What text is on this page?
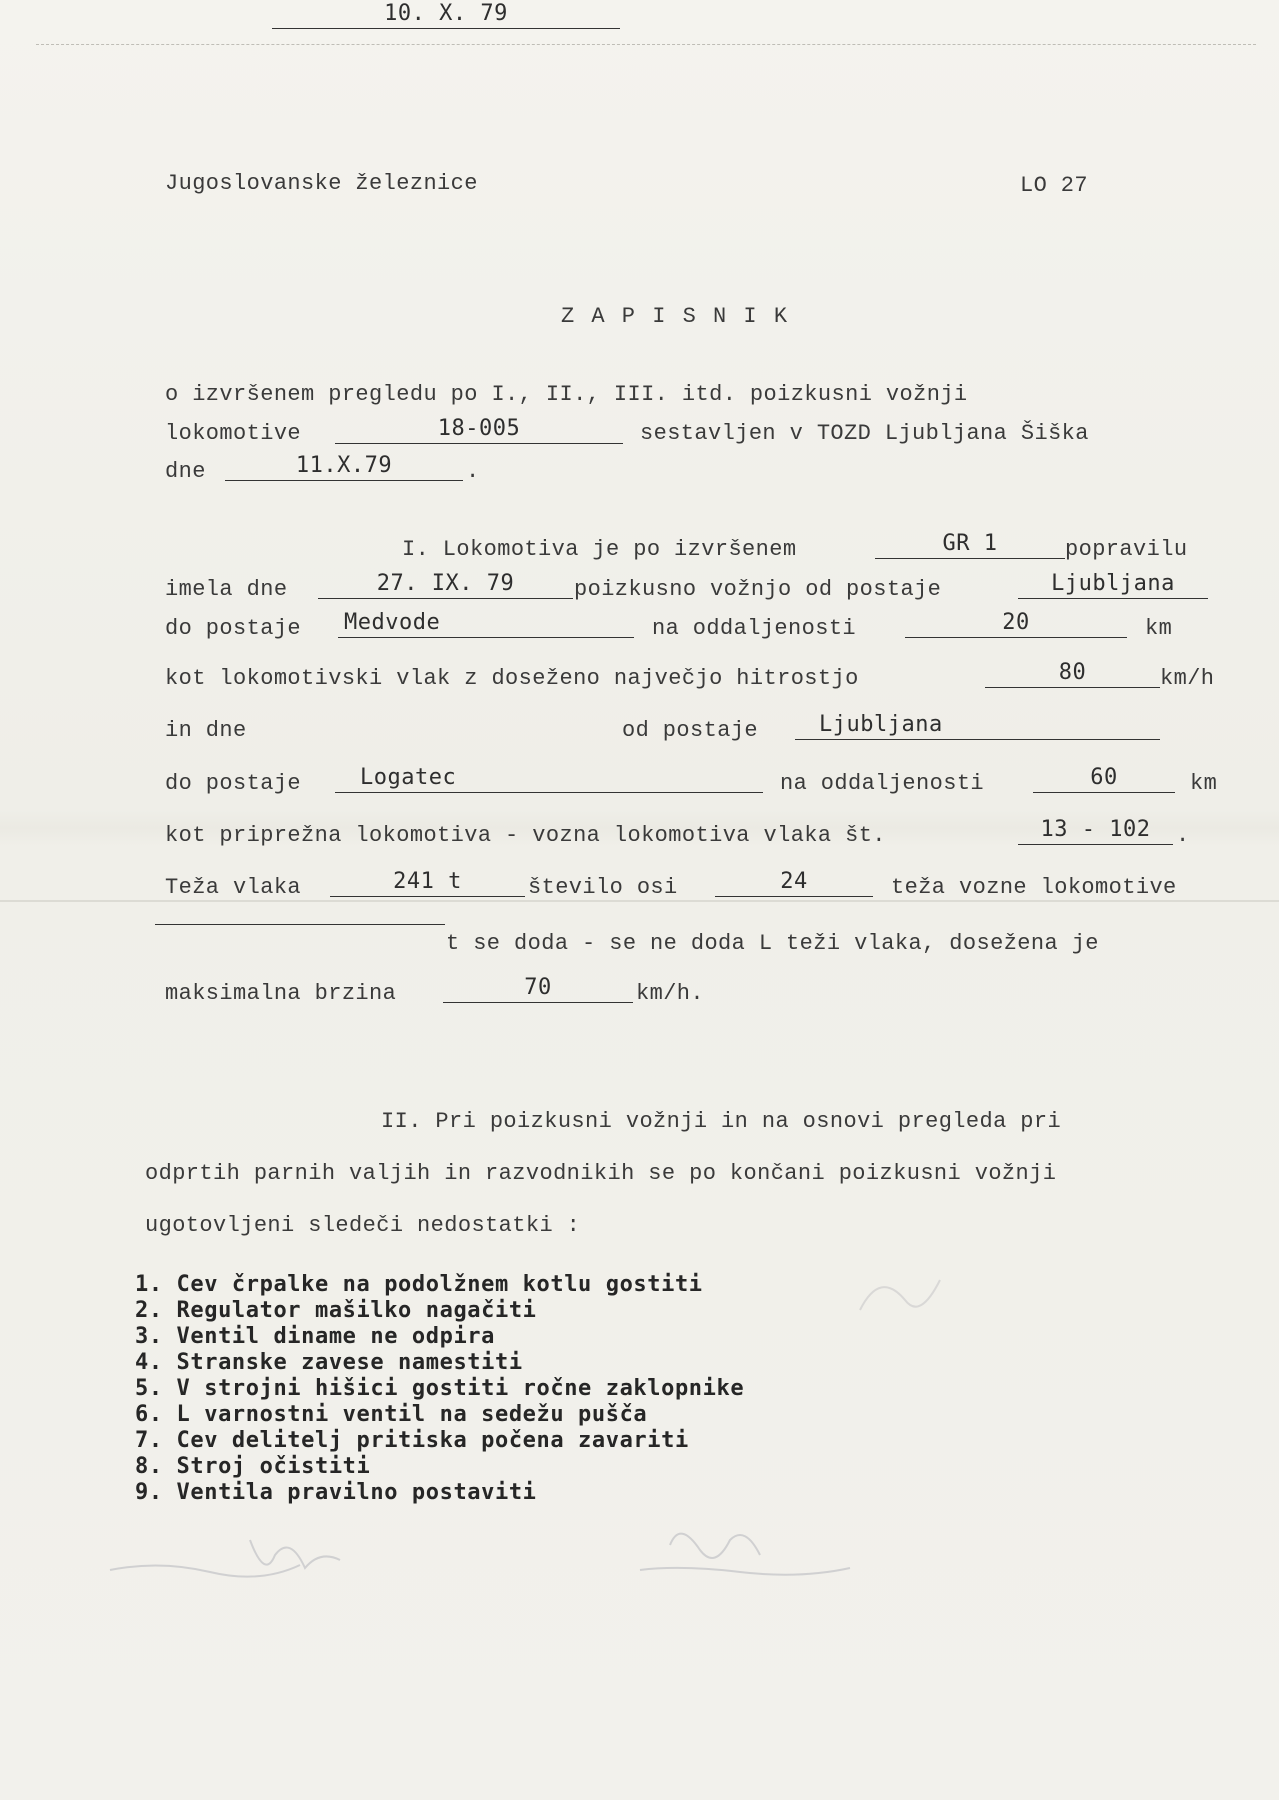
Jugoslovanske železnice	LO 27
Z A P I S N I K
o izvršenem pregledu po I., II., III. itd. poizkusni vožnji
lokomotive	18-005	sestavljen v TOZD Ljubljana Šiška
dne	11.X.79	.
I. Lokomotiva je po izvršenem	GR 1	popravilu
imela dne	27. IX. 79	poizkusno vožnjo od postaje	Ljubljana
do postaje Medvode	na oddaljenosti	20	km
kot lokomotivski vlak z doseženo največjo hitrostjo	80	km/h
in dne
10. X. 79
od postaje	Ljubljana
do postaje	Logatec	na oddaljenosti	60	km
kot priprežna lokomotiva - vozna lokomotiva vlaka št.	13 - 102	.
Teža vlaka	241 t	število osi	24	teža vozne lokomotive
t se doda - se ne doda L teži vlaka, dosežena je
maksimalna brzina	70	km/h.
II. Pri poizkusni vožnji in na osnovi pregleda pri
odprtih parnih valjih in razvodnikih se po končani poizkusni vožnji
ugotovljeni sledeči nedostatki :
1. Cev črpalke na podolžnem kotlu gostiti
2. Regulator mašilko nagačiti
3. Ventil diname ne odpira
4. Stranske zavese namestiti
5. V strojni hišici gostiti ročne zaklopnike
6. L varnostni ventil na sedežu pušča
7. Cev delitelj pritiska počena zavariti
8. Stroj očistiti
9. Ventila pravilno postaviti
